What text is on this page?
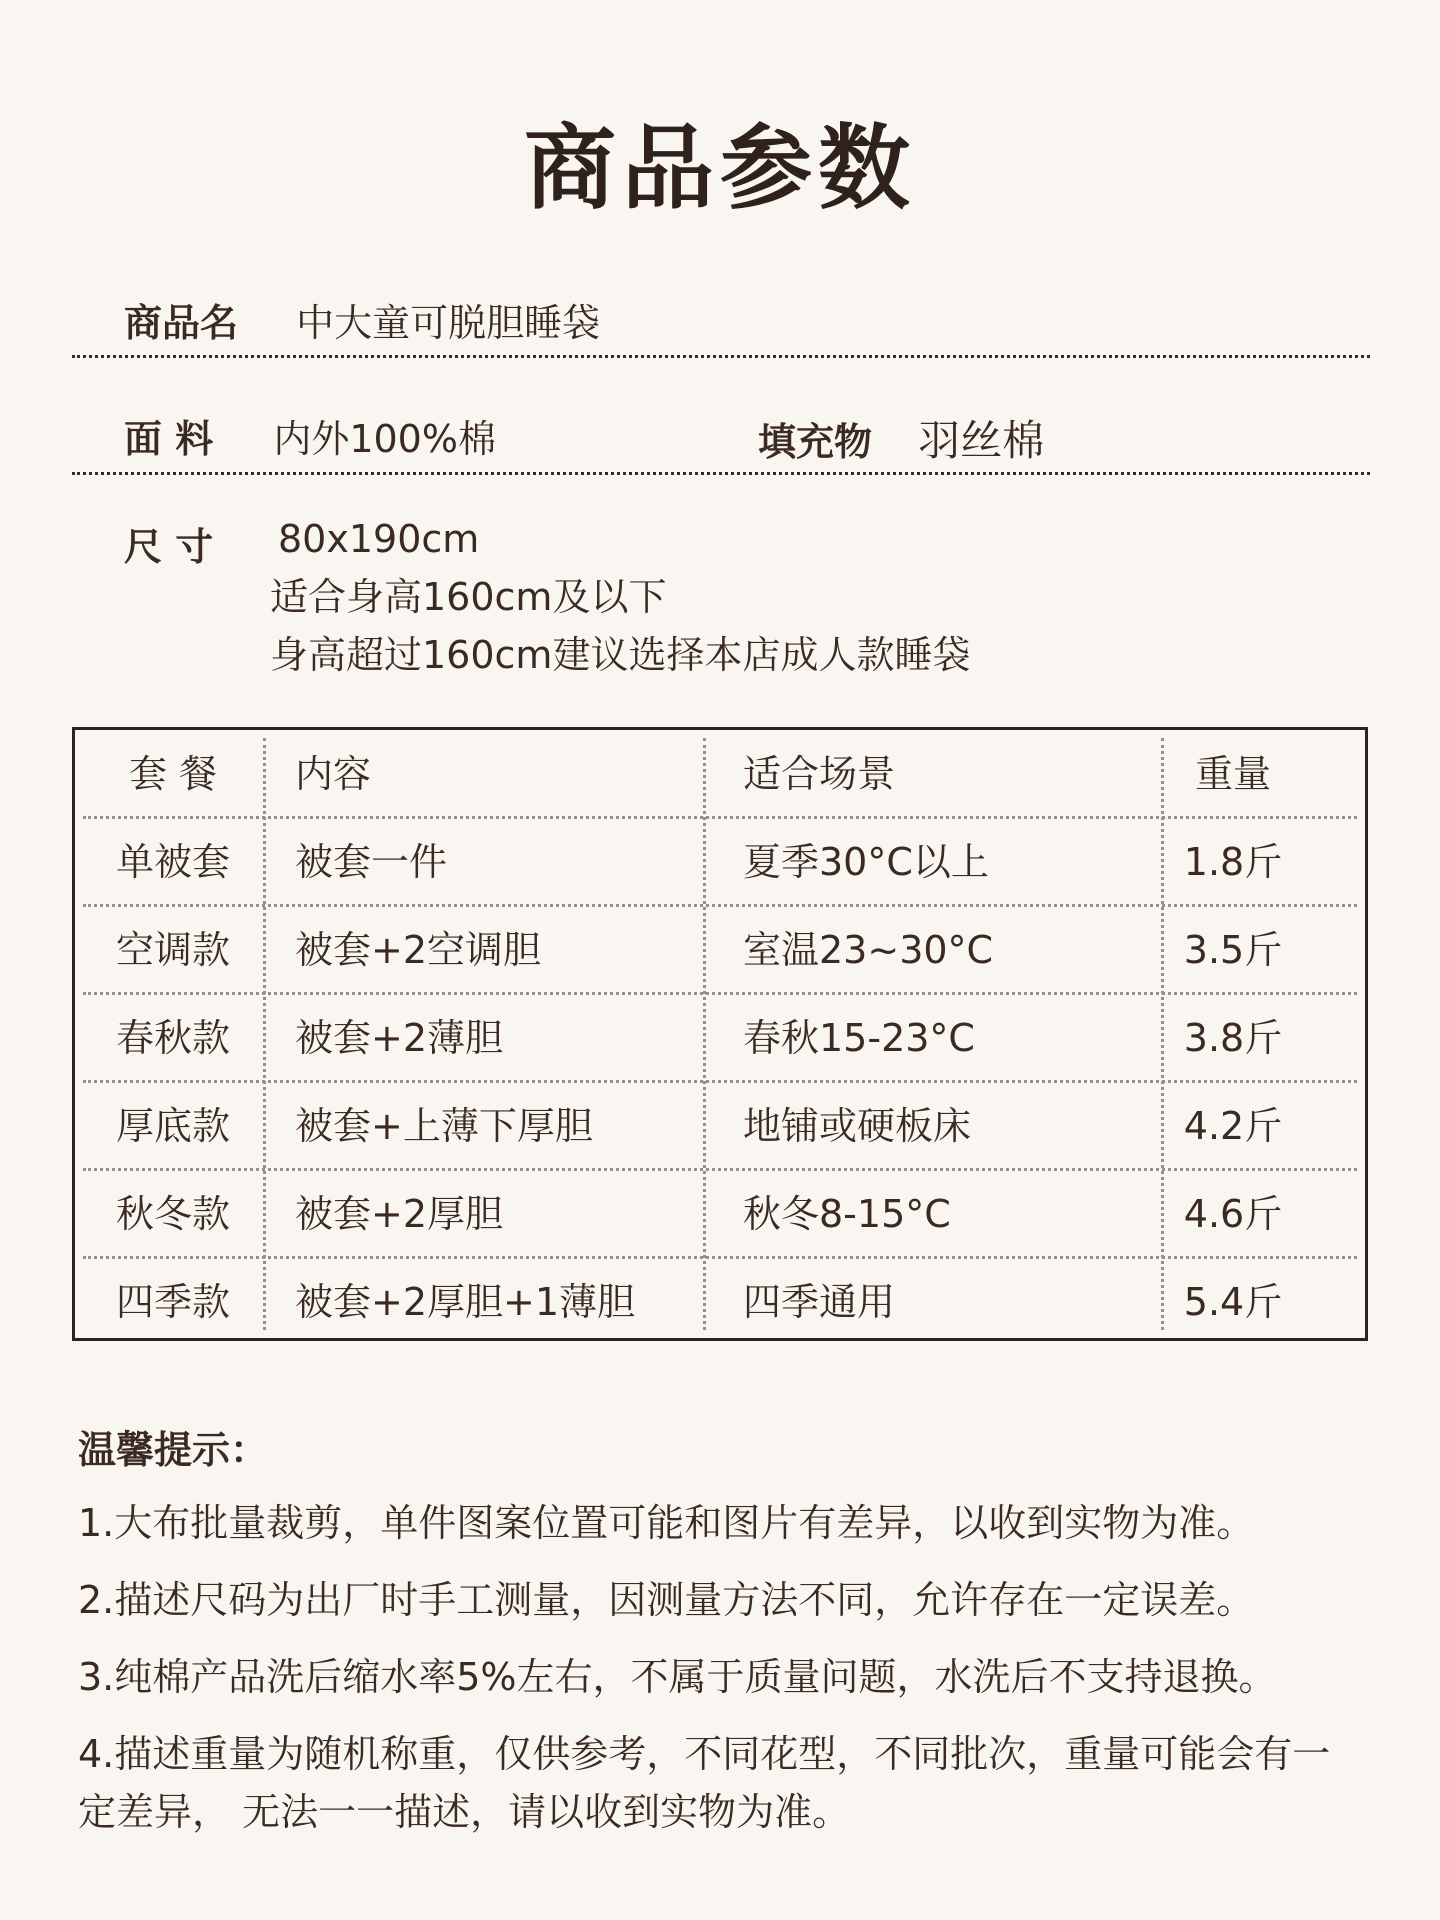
商品参数
商品名 中大童可脱胆睡袋
面 料 内外100%棉	填充物 羽丝棉
尺 寸 80x190cm
适合身高160cm及以下
身高超过160cm建议选择本店成人款睡袋
套 餐	内容	适合场景	重量
单被套	被套一件	夏季30°C以上	1.8斤
空调款	被套+2空调胆	室温23~30°C	3.5斤
春秋款	被套+2薄胆	春秋15-23°C	3.8斤
厚底款	被套+上薄下厚胆	地铺或硬板床	4.2斤
秋冬款	被套+2厚胆	秋冬8-15°C	4.6斤
四季款	被套+2厚胆+1薄胆	四季通用	5.4斤
温馨提示：
1.大布批量裁剪，单件图案位置可能和图片有差异，以收到实物为准。
2.描述尺码为出厂时手工测量，因测量方法不同，允许存在一定误差。
3.纯棉产品洗后缩水率5%左右，不属于质量问题，水洗后不支持退换。
4.描述重量为随机称重，仅供参考，不同花型，不同批次，重量可能会有一定差异， 无法一一描述，请以收到实物为准。
